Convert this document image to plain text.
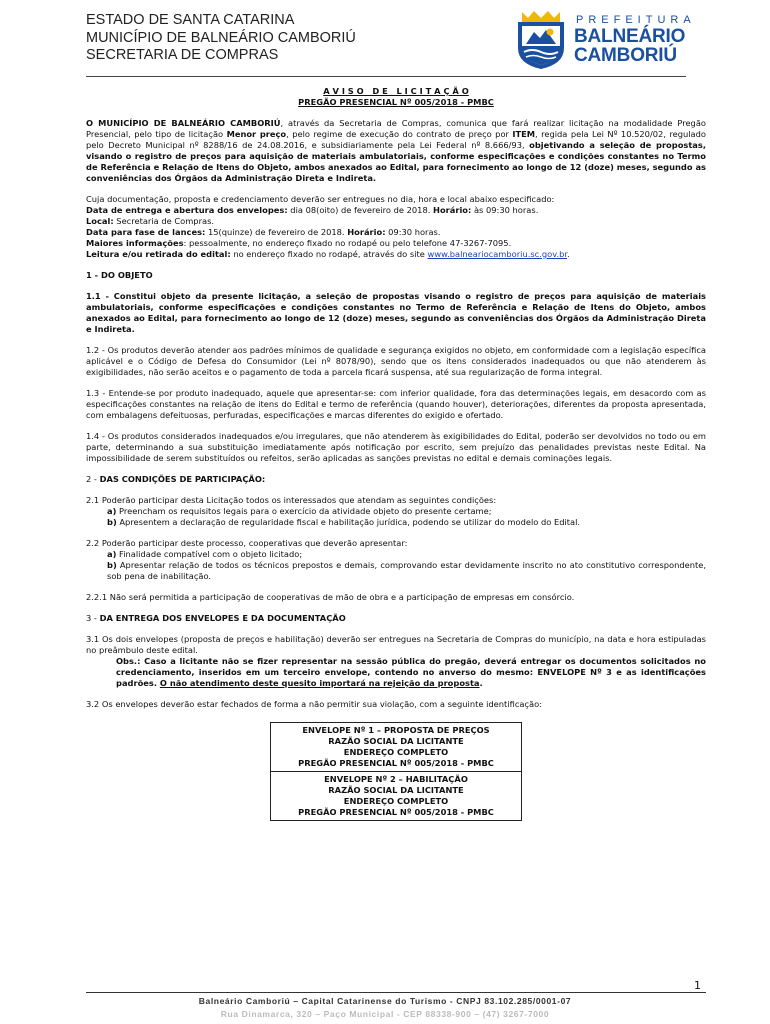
ESTADO DE SANTA CATARINA
MUNICÍPIO DE BALNEÁRIO CAMBORIÚ
SECRETARIA DE COMPRAS
PREFEITURA
BALNEÁRIO
CAMBORIÚ

A V I S O   D E   L I C I T A Ç Ã O

PREGÃO PRESENCIAL Nº 005/2018 - PMBC

O MUNICÍPIO DE BALNEÁRIO CAMBORIÚ, através da Secretaria de Compras, comunica que fará realizar licitação na modalidade Pregão Presencial, pelo tipo de licitação Menor preço, pelo regime de execução do contrato de preço por ITEM, regida pela Lei Nº 10.520/02, regulado pelo Decreto Municipal nº 8288/16 de 24.08.2016, e subsidiariamente pela Lei Federal nº 8.666/93, objetivando a seleção de propostas, visando o registro de preços para aquisição de materiais ambulatoriais, conforme especificações e condições constantes no Termo de Referência e Relação de Itens do Objeto, ambos anexados ao Edital, para fornecimento ao longo de 12 (doze) meses, segundo as conveniências dos Órgãos da Administração Direta e Indireta.

Cuja documentação, proposta e credenciamento deverão ser entregues no dia, hora e local abaixo especificado:

Data de entrega e abertura dos envelopes: dia 08(oito) de fevereiro de 2018. Horário: às 09:30 horas.

Local: Secretaria de Compras.

Data para fase de lances: 15(quinze) de fevereiro de 2018. Horário: 09:30 horas.

Maiores informações: pessoalmente, no endereço fixado no rodapé ou pelo telefone 47-3267-7095.

Leitura e/ou retirada do edital: no endereço fixado no rodapé, através do site www.balneariocamboriu.sc.gov.br.

1 - DO OBJETO

1.1 - Constitui objeto da presente licitação, a seleção de propostas visando o registro de preços para aquisição de materiais ambulatoriais, conforme especificações e condições constantes no Termo de Referência e Relação de Itens do Objeto, ambos anexados ao Edital, para fornecimento ao longo de 12 (doze) meses, segundo as conveniências dos Órgãos da Administração Direta e Indireta.

1.2 - Os produtos deverão atender aos padrões mínimos de qualidade e segurança exigidos no objeto, em conformidade com a legislação específica aplicável e o Código de Defesa do Consumidor (Lei nº 8078/90), sendo que os itens considerados inadequados ou que não atenderem às exigibilidades, não serão aceitos e o pagamento de toda a parcela ficará suspensa, até sua regularização de forma integral.

1.3 - Entende-se por produto inadequado, aquele que apresentar-se: com inferior qualidade, fora das determinações legais, em desacordo com as especificações constantes na relação de itens do Edital e termo de referência (quando houver), deteriorações, diferentes da proposta apresentada, com embalagens defeituosas, perfuradas, especificações e marcas diferentes do exigido e ofertado.

1.4 - Os produtos considerados inadequados e/ou irregulares, que não atenderem às exigibilidades do Edital, poderão ser devolvidos no todo ou em parte, determinando a sua substituição imediatamente após notificação por escrito, sem prejuízo das penalidades previstas neste Edital. Na impossibilidade de serem substituídos ou refeitos, serão aplicadas as sanções previstas no edital e demais cominações legais.

2 - DAS CONDIÇÕES DE PARTICIPAÇÃO:

2.1 Poderão participar desta Licitação todos os interessados que atendam as seguintes condições:

a) Preencham os requisitos legais para o exercício da atividade objeto do presente certame;

b) Apresentem a declaração de regularidade fiscal e habilitação jurídica, podendo se utilizar do modelo do Edital.

2.2 Poderão participar deste processo, cooperativas que deverão apresentar:

a) Finalidade compatível com o objeto licitado;

b) Apresentar relação de todos os técnicos prepostos e demais, comprovando estar devidamente inscrito no ato constitutivo correspondente, sob pena de inabilitação.

2.2.1 Não será permitida a participação de cooperativas de mão de obra e a participação de empresas em consórcio.

3 - DA ENTREGA DOS ENVELOPES E DA DOCUMENTAÇÃO

3.1 Os dois envelopes (proposta de preços e habilitação) deverão ser entregues na Secretaria de Compras do município, na data e hora estipuladas no preâmbulo deste edital.

Obs.: Caso a licitante não se fizer representar na sessão pública do pregão, deverá entregar os documentos solicitados no credenciamento, inseridos em um terceiro envelope, contendo no anverso do mesmo: ENVELOPE Nº 3 e as identificações padrões. O não atendimento deste quesito importará na rejeição da proposta.

3.2 Os envelopes deverão estar fechados de forma a não permitir sua violação, com a seguinte identificação:

ENVELOPE Nº 1 – PROPOSTA DE PREÇOS
RAZÃO SOCIAL DA LICITANTE
ENDEREÇO COMPLETO
PREGÃO PRESENCIAL Nº 005/2018 - PMBC
ENVELOPE Nº 2 – HABILITAÇÃO
RAZÃO SOCIAL DA LICITANTE
ENDEREÇO COMPLETO
PREGÃO PRESENCIAL Nº 005/2018 - PMBC
1
Balneário Camboriú – Capital Catarinense do Turismo - CNPJ 83.102.285/0001-07
Rua Dinamarca, 320 – Paço Municipal - CEP 88338-900 – (47) 3267-7000
